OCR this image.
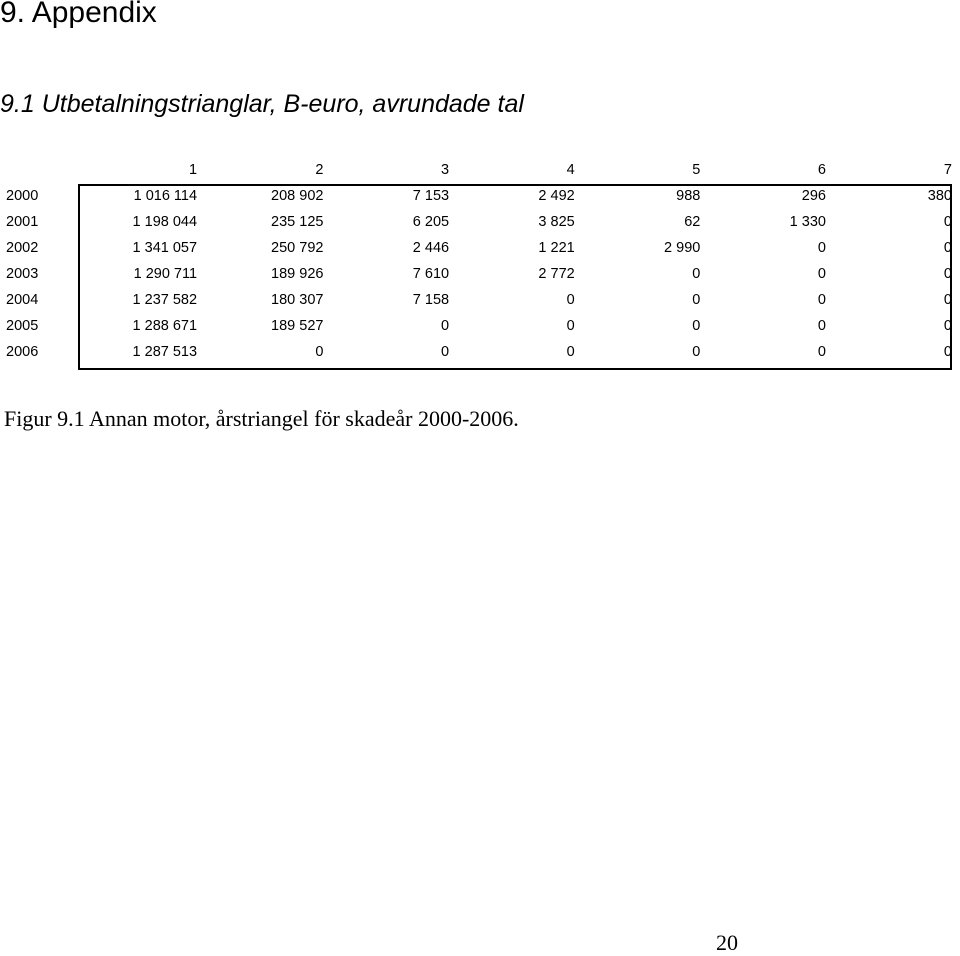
9. Appendix
9.1 Utbetalningstrianglar, B-euro, avrundade tal
	1	2	3	4	5	6	7
2000	1 016 114	208 902	7 153	2 492	988	296	380
2001	1 198 044	235 125	6 205	3 825	62	1 330	0
2002	1 341 057	250 792	2 446	1 221	2 990	0	0
2003	1 290 711	189 926	7 610	2 772	0	0	0
2004	1 237 582	180 307	7 158	0	0	0	0
2005	1 288 671	189 527	0	0	0	0	0
2006	1 287 513	0	0	0	0	0	0

Figur 9.1 Annan motor, årstriangel för skadeår 2000-2006.

20
